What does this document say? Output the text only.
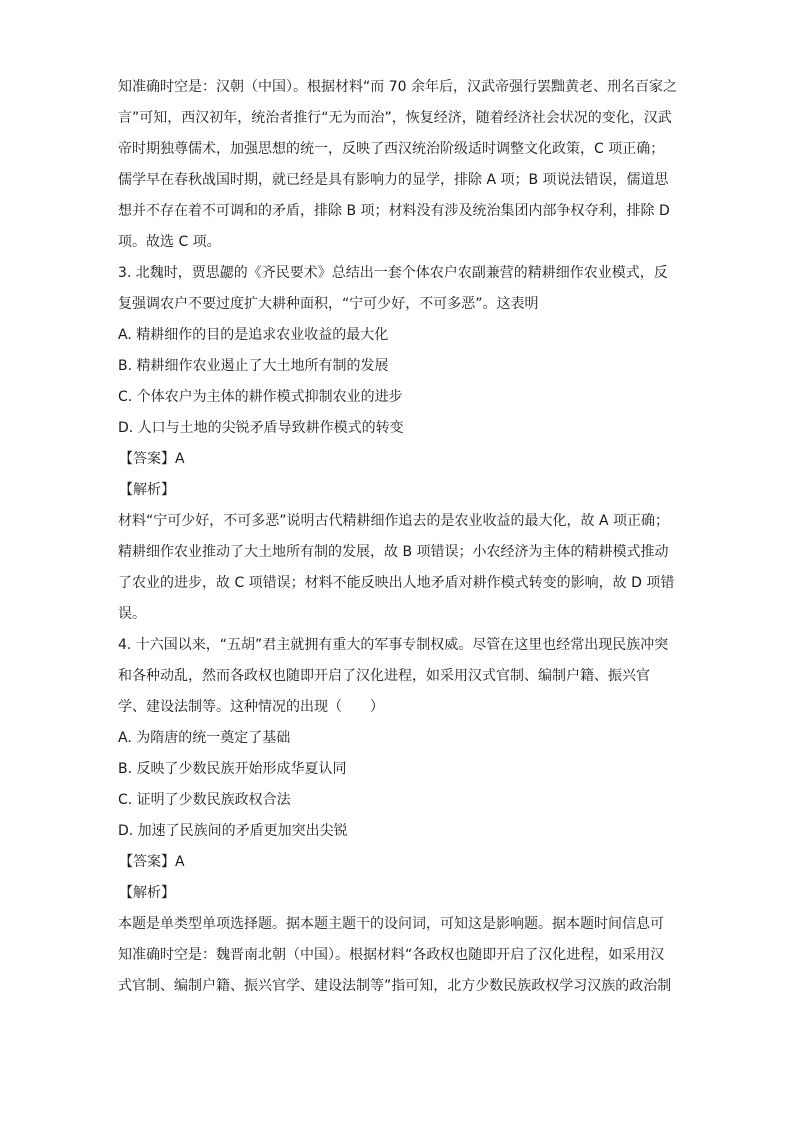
知准确时空是：汉朝（中国）。根据材料“而 70 余年后，汉武帝强行罢黜黄老、刑名百家之

言”可知，西汉初年，统治者推行“无为而治”，恢复经济，随着经济社会状况的变化，汉武

帝时期独尊儒术，加强思想的统一，反映了西汉统治阶级适时调整文化政策，C 项正确；

儒学早在春秋战国时期，就已经是具有影响力的显学，排除 A 项；B 项说法错误，儒道思

想并不存在着不可调和的矛盾，排除 B 项；材料没有涉及统治集团内部争权夺利，排除 D

项。故选 C 项。

3. 北魏时，贾思勰的《齐民要术》总结出一套个体农户农副兼营的精耕细作农业模式，反

复强调农户不要过度扩大耕种面积，“宁可少好，不可多恶”。这表明

A. 精耕细作的目的是追求农业收益的最大化

B. 精耕细作农业遏止了大土地所有制的发展

C. 个体农户为主体的耕作模式抑制农业的进步

D. 人口与土地的尖锐矛盾导致耕作模式的转变

【答案】A

【解析】

材料“宁可少好，不可多恶”说明古代精耕细作追去的是农业收益的最大化，故 A 项正确；

精耕细作农业推动了大土地所有制的发展，故 B 项错误；小农经济为主体的精耕模式推动

了农业的进步，故 C 项错误；材料不能反映出人地矛盾对耕作模式转变的影响，故 D 项错

误。

4. 十六国以来，“五胡”君主就拥有重大的军事专制权威。尽管在这里也经常出现民族冲突

和各种动乱，然而各政权也随即开启了汉化进程，如采用汉式官制、编制户籍、振兴官

学、建设法制等。这种情况的出现（　　）

A. 为隋唐的统一奠定了基础

B. 反映了少数民族开始形成华夏认同

C. 证明了少数民族政权合法

D. 加速了民族间的矛盾更加突出尖锐

【答案】A

【解析】

本题是单类型单项选择题。据本题主题干的设问词，可知这是影响题。据本题时间信息可

知准确时空是：魏晋南北朝（中国）。根据材料“各政权也随即开启了汉化进程，如采用汉

式官制、编制户籍、振兴官学、建设法制等”指可知，北方少数民族政权学习汉族的政治制
